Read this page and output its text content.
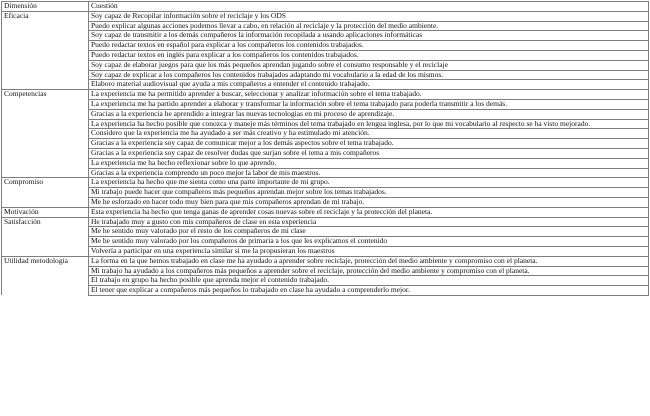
Dimensión	Cuestión
Eficacia	Soy capaz de Recopilar información sobre el reciclaje y los ODS
	Puedo explicar algunas acciones podemos llevar a cabo, en relación al reciclaje y la protección del medio ambiente.
	Soy capaz de transmitir a los demás compañeros la información recopilada a usando aplicaciones informáticas
	Puedo redactar textos en español para explicar a los compañeros los contenidos trabajados.
	Puedo redactar textos en inglés para explicar a los compañeros los contenidos trabajados.
	Soy capaz de elaborar juegos para que los más pequeños aprendan jugando sobre el consumo responsable y el reciclaje
	Soy capaz de explicar a los compañeros los contenidos trabajados adaptando mi vocabulario a la edad de los mismos.
	Elaboro material audiovisual que ayuda a mis compañeros a entender el contenido trabajado.
Competencias	La experiencia me ha permitido aprender a buscar, seleccionar y analizar información sobre el tema trabajado.
	La experiencia me ha partido aprender a elaborar y transformar la información sobre el tema trabajado para poderla transmitir a los demás.
	Gracias a la experiencia he aprendido a integrar las nuevas tecnologias en mi proceso de aprendizaje.
	La experiencia ha hecho posible que conozca y maneje más términos del tema trabajado en lengua inglesa, por lo que mi vocabulario al respecto se ha visto mejorado.
	Considero que la experiencia me ha ayudado a ser más creativo y ha estimulado mi atención.
	Gracias a la experiencia soy capaz de comunicar mejor a los demás aspectos sobre el tema trabajado.
	Gracias a la experiencia soy capaz de resolver dudas que surjan sobre el tema a mis compañeros
	La experiencia me ha hecho reflexionar sobre lo que aprendo.
	Gracias a la experiencia comprendo un poco mejor la labor de mis maestros.
Compromiso	La experiencia ha hecho que me sienta como una parte importante de mi grupo.
	Mi trabajo puede hacer que compañeros más pequeños aprendan mejor sobre los temas trabajados.
	Me he esforzado en hacer todo muy bien para que mis compañeros aprendan de mi trabajo.
Motivación	Esta experiencia ha hecho que tenga ganas de aprender cosas nuevas sobre el reciclaje y la protección del planeta.
Satisfacción	He trabajado muy a gusto con mis compañeros de clase en esta experiencia
	Me he sentido muy valorado por el resto de los compañeros de mi clase
	Me he sentido muy valorado por los compañeros de primaria a los que les explicamos el contenido
	Volvería a participar en una experiencia similar si me la propusieran los maestros
Utilidad metodología	La forma en la que hemos trabajado en clase me ha ayudado a aprender sobre reciclaje, protección del medio ambiente y compromiso con el planeta.
	Mi trabajo ha ayudado a los compañeros más pequeños a aprender sobre el reciclaje, protección del medio ambiente y compromiso con el planeta.
	El trabajo en grupo ha hecho posible que aprenda mejor el contenido trabajado.
	El tener que explicar a compañeros más pequeños lo trabajado en clase ha ayudado a comprenderlo mejor.
